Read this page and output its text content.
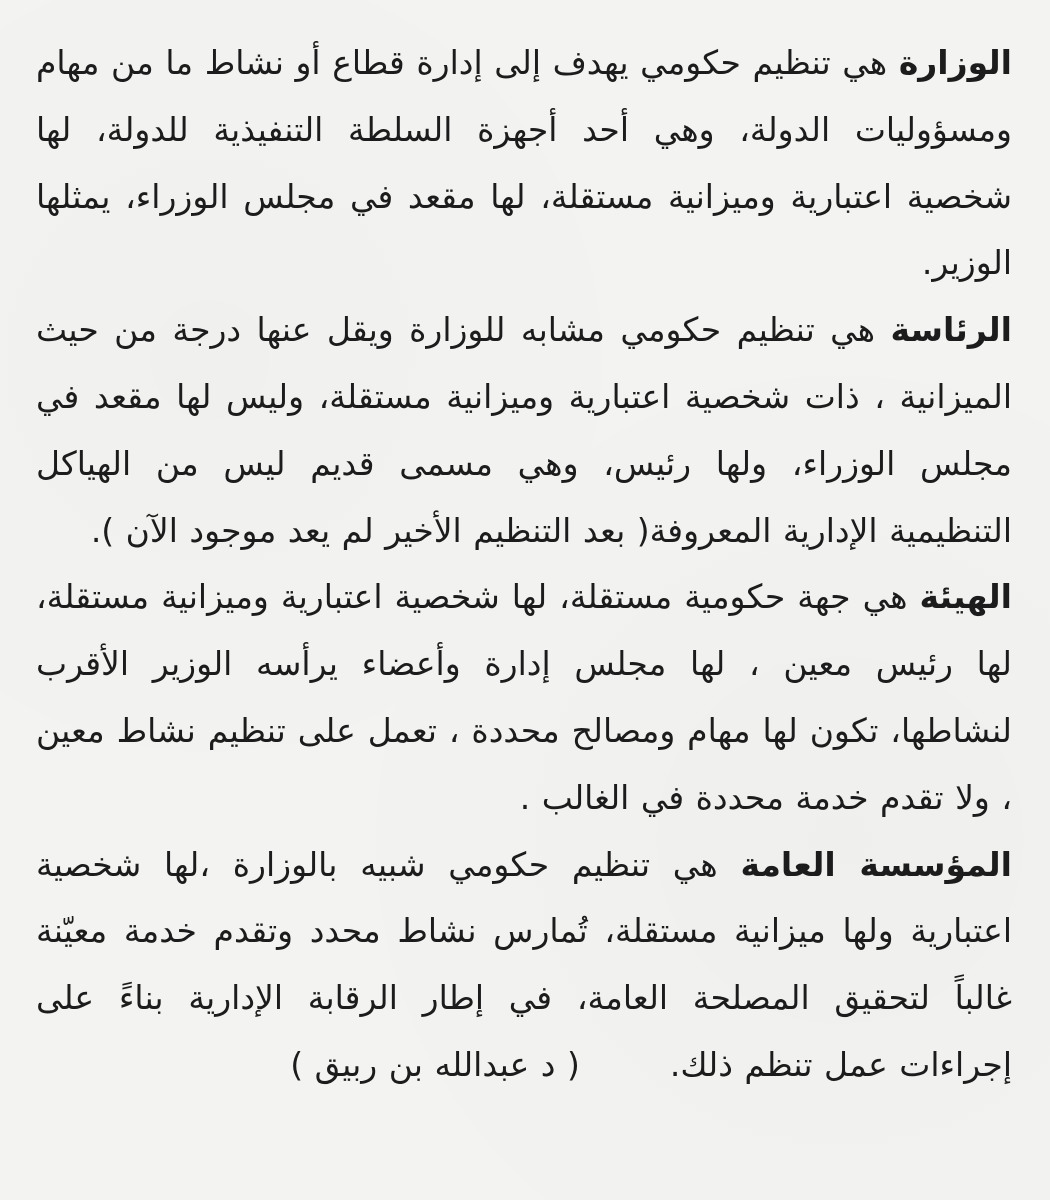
الوزارة هي تنظيم حكومي يهدف إلى إدارة قطاع أو نشاط ما من مهام ومسؤوليات الدولة، وهي أحد أجهزة السلطة التنفيذية للدولة، لها شخصية اعتبارية وميزانية مستقلة، لها مقعد في مجلس الوزراء، يمثلها الوزير.

الرئاسة هي تنظيم حكومي مشابه للوزارة ويقل عنها درجة من حيث الميزانية ، ذات شخصية اعتبارية وميزانية مستقلة، وليس لها مقعد في مجلس الوزراء، ولها رئيس، وهي مسمى قديم ليس من الهياكل التنظيمية الإدارية المعروفة( بعد التنظيم الأخير لم يعد موجود الآن ).

الهيئة هي جهة حكومية مستقلة، لها شخصية اعتبارية وميزانية مستقلة، لها رئيس معين ، لها مجلس إدارة وأعضاء يرأسه الوزير الأقرب لنشاطها، تكون لها مهام ومصالح محددة ، تعمل على تنظيم نشاط معين ، ولا تقدم خدمة محددة في الغالب .

المؤسسة العامة هي تنظيم حكومي شبيه بالوزارة ،لها شخصية اعتبارية ولها ميزانية مستقلة، تُمارس نشاط محدد وتقدم خدمة معيّنة غالباً لتحقيق المصلحة العامة، في إطار الرقابة الإدارية بناءً على إجراءات عمل تنظم ذلك.( د عبدالله بن ربيق )
